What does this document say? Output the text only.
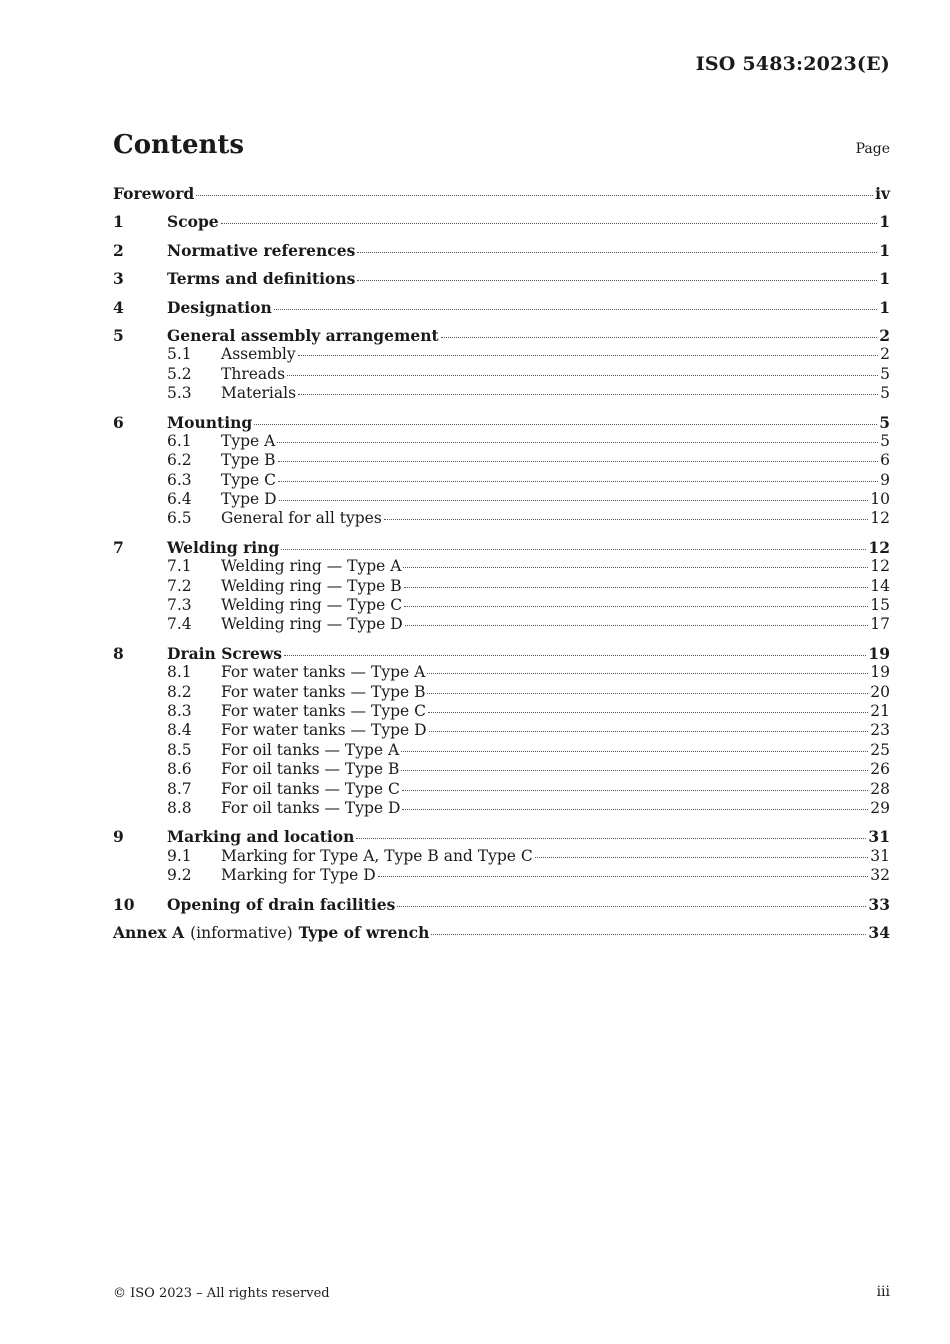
ISO 5483:2023(E)
Contents	Page
Foreword	iv
1	Scope	1
2	Normative references	1
3	Terms and definitions	1
4	Designation	1
5	General assembly arrangement	2
5.1	Assembly	2
5.2	Threads	5
5.3	Materials	5
6	Mounting	5
6.1	Type A	5
6.2	Type B	6
6.3	Type C	9
6.4	Type D	10
6.5	General for all types	12
7	Welding ring	12
7.1	Welding ring — Type A	12
7.2	Welding ring — Type B	14
7.3	Welding ring — Type C	15
7.4	Welding ring — Type D	17
8	Drain Screws	19
8.1	For water tanks — Type A	19
8.2	For water tanks — Type B	20
8.3	For water tanks — Type C	21
8.4	For water tanks — Type D	23
8.5	For oil tanks — Type A	25
8.6	For oil tanks — Type B	26
8.7	For oil tanks — Type C	28
8.8	For oil tanks — Type D	29
9	Marking and location	31
9.1	Marking for Type A, Type B and Type C	31
9.2	Marking for Type D	32
10	Opening of drain facilities	33
Annex A (informative) Type of wrench	34
© ISO 2023 – All rights reserved	iii
